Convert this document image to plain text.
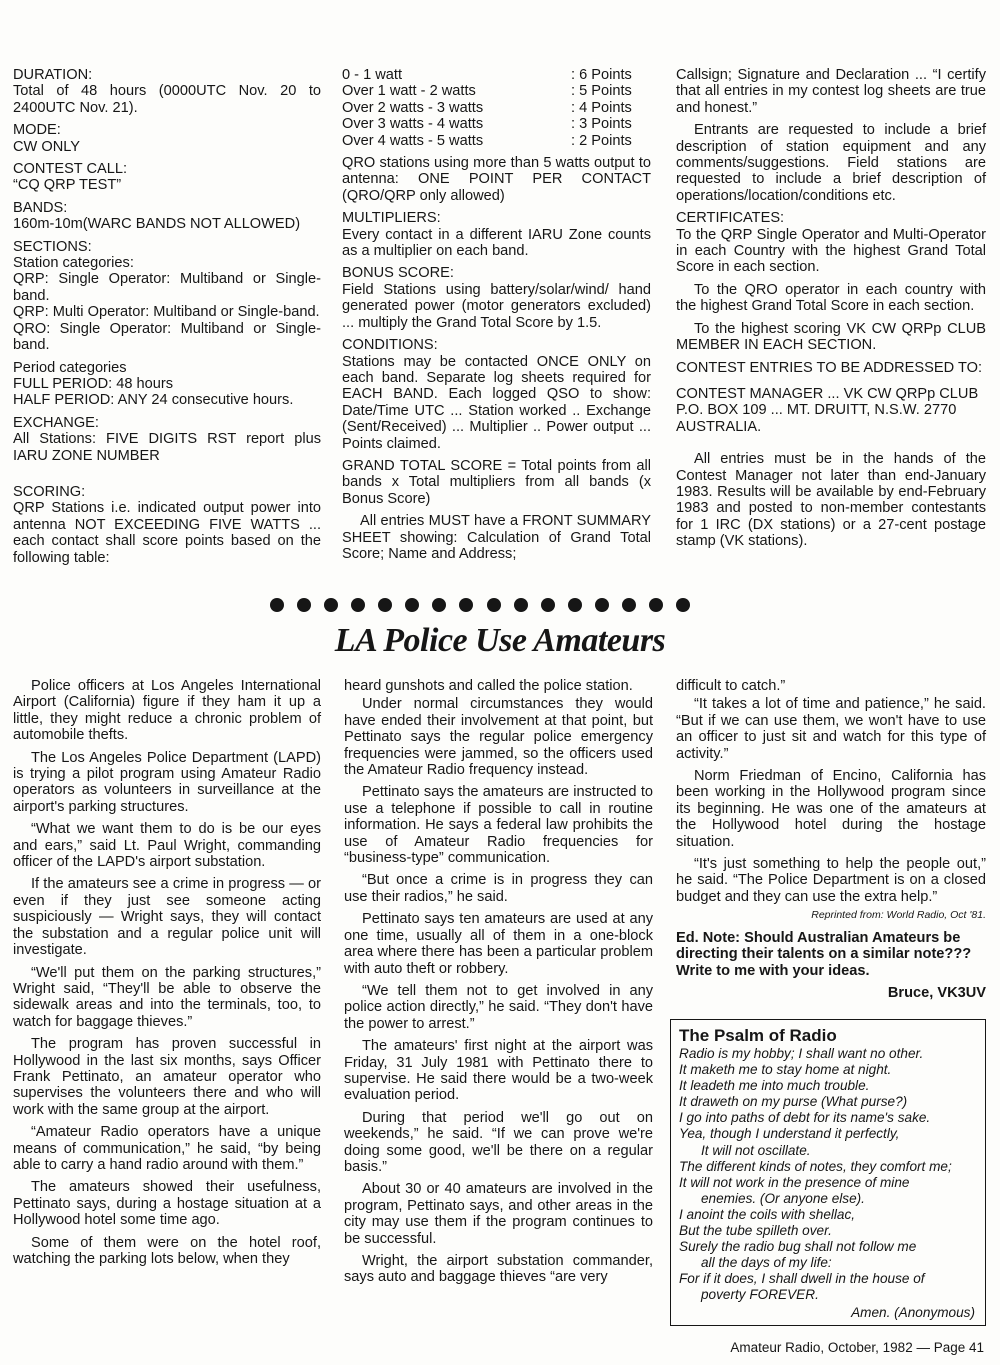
DURATION:

Total of 48 hours (0000UTC Nov. 20 to 2400UTC Nov. 21).

MODE:

CW ONLY

CONTEST CALL:

“CQ QRP TEST”

BANDS:

160m-10m(WARC BANDS NOT ALLOWED)

SECTIONS:

Station categories:

QRP: Single Operator: Multiband or Single-band.

QRP: Multi Operator: Multiband or Single-band.

QRO: Single Operator: Multiband or Single-band.

Period categories

FULL PERIOD: 48 hours

HALF PERIOD: ANY 24 consecutive hours.

EXCHANGE:

All Stations: FIVE DIGITS RST report plus IARU ZONE NUMBER

SCORING:

QRP Stations i.e. indicated output power into antenna NOT EXCEEDING FIVE WATTS ... each contact shall score points based on the following table:

0 - 1 watt	: 6 Points
Over 1 watt - 2 watts	: 5 Points
Over 2 watts - 3 watts	: 4 Points
Over 3 watts - 4 watts	: 3 Points
Over 4 watts - 5 watts	: 2 Points

QRO stations using more than 5 watts output to antenna: ONE POINT PER CONTACT (QRO/QRP only allowed)

MULTIPLIERS:

Every contact in a different IARU Zone counts as a multiplier on each band.

BONUS SCORE:

Field Stations using battery/solar/wind/ hand generated power (motor generators excluded) ... multiply the Grand Total Score by 1.5.

CONDITIONS:

Stations may be contacted ONCE ONLY on each band. Separate log sheets required for EACH BAND. Each logged QSO to show: Date/Time UTC ... Station worked .. Exchange (Sent/Received) ... Multiplier .. Power output ... Points claimed.

GRAND TOTAL SCORE = Total points from all bands x Total multipliers from all bands (x Bonus Score)

All entries MUST have a FRONT SUMMARY SHEET showing: Calculation of Grand Total Score; Name and Address;

Callsign; Signature and Declaration ... “I certify that all entries in my contest log sheets are true and honest.”

Entrants are requested to include a brief description of station equipment and any comments/suggestions. Field stations are requested to include a brief description of operations/location/conditions etc.

CERTIFICATES:

To the QRP Single Operator and Multi-Operator in each Country with the highest Grand Total Score in each section.

To the QRO operator in each country with the highest Grand Total Score in each section.

To the highest scoring VK CW QRPp CLUB MEMBER IN EACH SECTION.

CONTEST ENTRIES TO BE ADDRESSED TO:

CONTEST MANAGER ... VK CW QRPp CLUB

P.O. BOX 109 ... MT. DRUITT, N.S.W. 2770

AUSTRALIA.

All entries must be in the hands of the Contest Manager not later than end-January 1983. Results will be available by end-February 1983 and posted to non-member contestants for 1 IRC (DX stations) or a 27-cent postage stamp (VK stations).

LA Police Use Amateurs

Police officers at Los Angeles International Airport (California) figure if they ham it up a little, they might reduce a chronic problem of automobile thefts.

The Los Angeles Police Department (LAPD) is trying a pilot program using Amateur Radio operators as volunteers in surveillance at the airport's parking structures.

“What we want them to do is be our eyes and ears,” said Lt. Paul Wright, commanding officer of the LAPD's airport substation.

If the amateurs see a crime in progress — or even if they just see someone acting suspiciously — Wright says, they will contact the substation and a regular police unit will investigate.

“We'll put them on the parking structures,” Wright said, “They'll be able to observe the sidewalk areas and into the terminals, too, to watch for baggage thieves.”

The program has proven successful in Hollywood in the last six months, says Officer Frank Pettinato, an amateur operator who supervises the volunteers there and who will work with the same group at the airport.

“Amateur Radio operators have a unique means of communication,” he said, “by being able to carry a hand radio around with them.”

The amateurs showed their usefulness, Pettinato says, during a hostage situation at a Hollywood hotel some time ago.

Some of them were on the hotel roof, watching the parking lots below, when they

heard gunshots and called the police station.

Under normal circumstances they would have ended their involvement at that point, but Pettinato says the regular police emergency frequencies were jammed, so the officers used the Amateur Radio frequency instead.

Pettinato says the amateurs are instructed to use a telephone if possible to call in routine information. He says a federal law prohibits the use of Amateur Radio frequencies for “business-type” communication.

“But once a crime is in progress they can use their radios,” he said.

Pettinato says ten amateurs are used at any one time, usually all of them in a one-block area where there has been a particular problem with auto theft or robbery.

“We tell them not to get involved in any police action directly,” he said. “They don't have the power to arrest.”

The amateurs' first night at the airport was Friday, 31 July 1981 with Pettinato there to supervise. He said there would be a two-week evaluation period.

During that period we'll go out on weekends,” he said. “If we can prove we're doing some good, we'll be there on a regular basis.”

About 30 or 40 amateurs are involved in the program, Pettinato says, and other areas in the city may use them if the program continues to be successful.

Wright, the airport substation commander, says auto and baggage thieves “are very

difficult to catch.”

“It takes a lot of time and patience,” he said. “But if we can use them, we won't have to use an officer to just sit and watch for this type of activity.”

Norm Friedman of Encino, California has been working in the Hollywood program since its beginning. He was one of the amateurs at the Hollywood hotel during the hostage situation.

“It's just something to help the people out,” he said. “The Police Department is on a closed budget and they can use the extra help.”

Reprinted from: World Radio, Oct '81.

Ed. Note: Should Australian Amateurs be directing their talents on a similar note??? Write to me with your ideas.

Bruce, VK3UV

The Psalm of Radio

Radio is my hobby; I shall want no other.

It maketh me to stay home at night.

It leadeth me into much trouble.

It draweth on my purse (What purse?)

I go into paths of debt for its name's sake.

Yea, though I understand it perfectly,

It will not oscillate.

The different kinds of notes, they comfort me;

It will not work in the presence of mine

enemies. (Or anyone else).

I anoint the coils with shellac,

But the tube spilleth over.

Surely the radio bug shall not follow me

all the days of my life:

For if it does, I shall dwell in the house of

poverty FOREVER.

Amen. (Anonymous)

Amateur Radio, October, 1982 — Page 41
